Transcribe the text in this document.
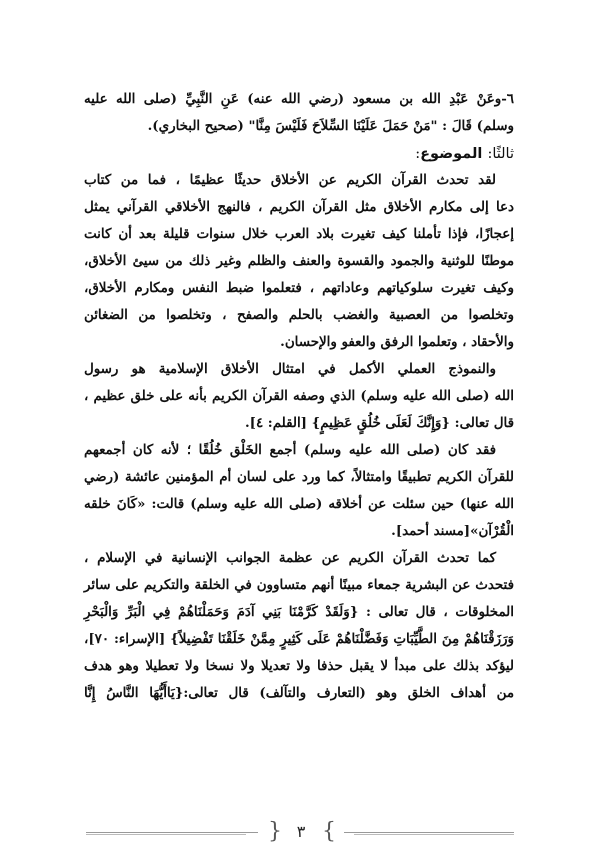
٦-وعَنْ عَبْدِ الله بن مسعود (رضي الله عنه) عَنِ النَّبِيِّ (صلى الله عليه
وسلم) قَالَ : "مَنْ حَمَلَ عَلَيْنَا السِّلاَحَ فَلَيْسَ مِنَّا" (صحيح البخاري).
ثالثًا: الموضوع:
لقد تحدث القرآن الكريم عن الأخلاق حديثًا عظيمًا ، فما من كتاب
دعا إلى مكارم الأخلاق مثل القرآن الكريم ، فالنهج الأخلاقي القرآني يمثل
إعجازًا، فإذا تأملنا كيف تغيرت بلاد العرب خلال سنوات قليلة بعد أن كانت
موطنًا للوثنية والجمود والقسوة والعنف والظلم وغير ذلك من سيئ الأخلاق،
وكيف تغيرت سلوكياتهم وعاداتهم ، فتعلموا ضبط النفس ومكارم الأخلاق،
وتخلصوا من العصبية والغضب بالحلم والصفح ، وتخلصوا من الضغائن
والأحقاد ، وتعلموا الرفق والعفو والإحسان.
والنموذج العملي الأكمل في امتثال الأخلاق الإسلامية هو رسول
الله (صلى الله عليه وسلم) الذي وصفه القرآن الكريم بأنه على خلق عظيم ،
قال تعالى: {وَإِنَّكَ لَعَلَى خُلُقٍ عَظِيمٍ} [القلم: ٤].
فقد كان (صلى الله عليه وسلم) أجمع الخَلْق خُلُقًا ؛ لأنه كان أجمعهم
للقرآن الكريم تطبيقًا وامتثالاً، كما ورد على لسان أم المؤمنين عائشة (رضي
الله عنها) حين سئلت عن أخلاقه (صلى الله عليه وسلم) قالت: «كَانَ خلقه
الْقُرْآن»[مسند أحمد].
كما تحدث القرآن الكريم عن عظمة الجوانب الإنسانية في الإسلام ،
فتحدث عن البشرية جمعاء مبينًا أنهم متساوون في الخلقة والتكريم على سائر
المخلوقات ، قال تعالى : {وَلَقَدْ كَرَّمْنَا بَنِي آدَمَ وَحَمَلْنَاهُمْ فِي الْبَرِّ وَالْبَحْرِ
وَرَزَقْنَاهُمْ مِنَ الطَّيِّبَاتِ وَفَضَّلْنَاهُمْ عَلَى كَثِيرٍ مِمَّنْ خَلَقْنَا تَفْضِيلاً} [الإسراء: ٧٠]،
ليؤكد بذلك على مبدأ لا يقبل حذفا ولا تعديلا ولا نسخا ولا تعطيلا وهو هدف
من أهداف الخلق وهو (التعارف والتآلف) قال تعالى:{يَاأَيُّهَا النَّاسُ إِنَّا
{ ٣ }
